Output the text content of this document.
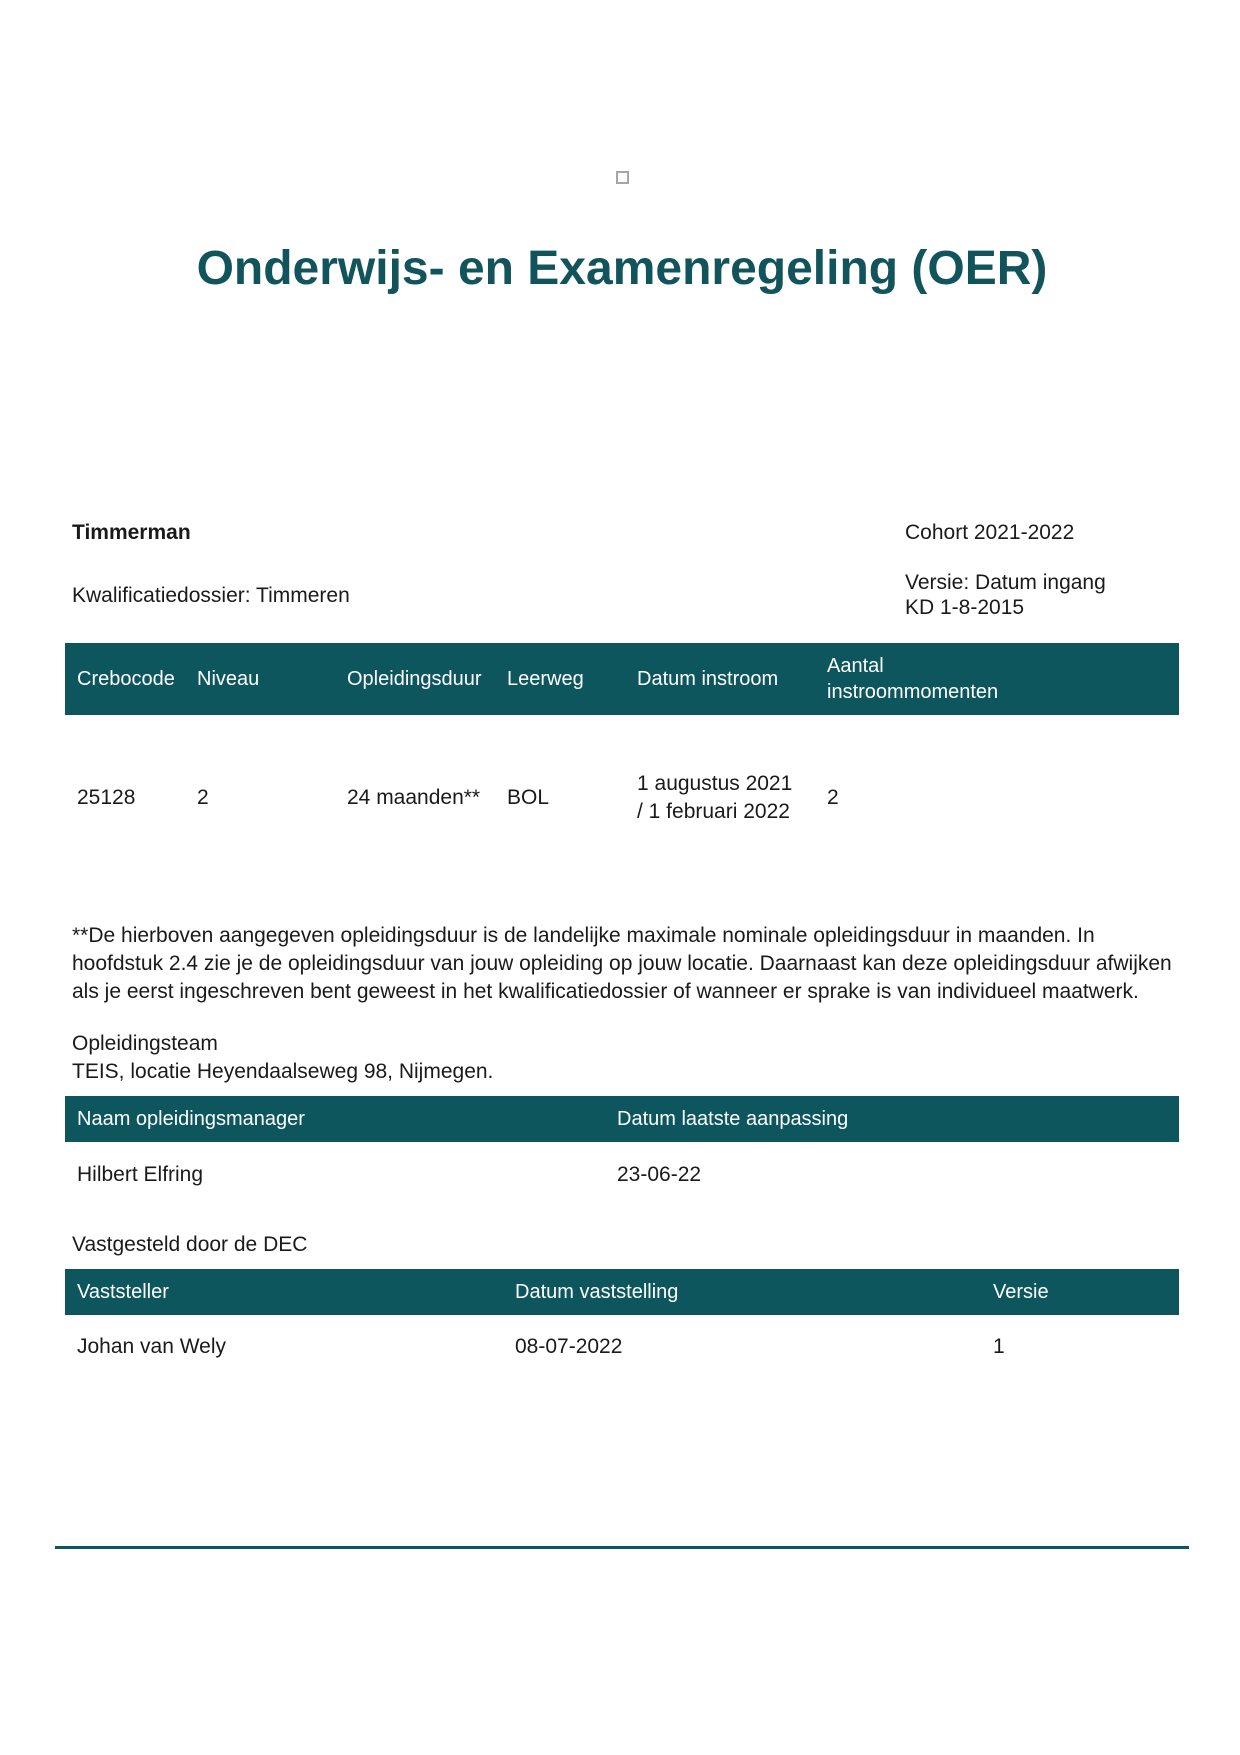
Onderwijs- en Examenregeling (OER)
Timmerman
Kwalificatiedossier: Timmeren
Cohort 2021-2022
Versie: Datum ingang KD 1-8-2015
Crebocode	Niveau	Opleidingsduur	Leerweg	Datum instroom	Aantal instroommomenten	
25128	2	24 maanden**	BOL	1 augustus 2021 / 1 februari 2022	2	

**De hierboven aangegeven opleidingsduur is de landelijke maximale nominale opleidingsduur in maanden. In hoofdstuk 2.4 zie je de opleidingsduur van jouw opleiding op jouw locatie. Daarnaast kan deze opleidingsduur afwijken als je eerst ingeschreven bent geweest in het kwalificatiedossier of wanneer er sprake is van individueel maatwerk.

Opleidingsteam
TEIS, locatie Heyendaalseweg 98, Nijmegen.
Naam opleidingsmanager	Datum laatste aanpassing
Hilbert Elfring	23-06-22
Vastgesteld door de DEC
Vaststeller	Datum vaststelling	Versie
Johan van Wely	08-07-2022	1
